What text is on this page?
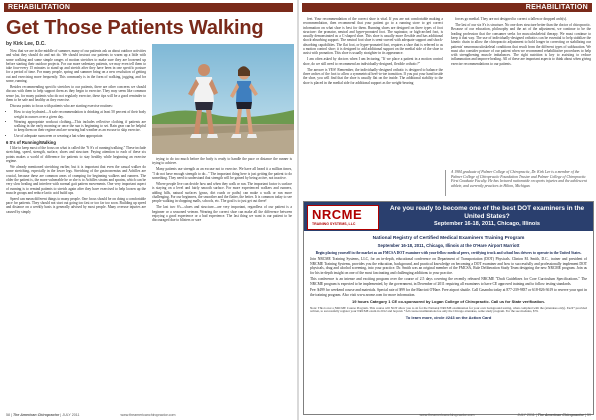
REHABILITATION
Get Those Patients Walking
by Kirk Lee, D.C.

Now that we are in the middle of summer, many of our patients ask us about outdoor activities and what they should do and not do. We should instruct our patients to warm up a little with some walking and some simple ranges of motion stretches to make sure they are loosened up before starting their outdoor projects. For our more sedentary patients, we may even tell them to take four-every 15 minutes to stand up and stretch after they have been in one specific posture for a period of time. For many people, spring and summer bring on a new resolution of getting out and exercising more frequently. This commonly is in the form of walking, jogging, and for some, running.

Besides recommending specific stretches to our patients, there are other concerns we should discuss with them to help support them as they begin to exercise. They may seem like common sense (as, for many patients who do not regularly exercise, these tips will be a good reminder to them to be safe and healthy as they exercise.

Discuss points to focus with patients who are starting exercise routines:

• How to stay hydrated—A safe recommendation is drinking at least 50 percent of their body weight in ounces over a given day.
• Wearing appropriate workout clothing—This includes reflective clothing if patients are walking in the early morning or once the sun is beginning to set. Rain gear can be helpful to keep them on their regime and are wearing bad weather as an excuse to skip exercise.
• Use of adequate sunscreen or wearing a hat when appropriate.
6 S's of Running/Walking

I like to keep most of the focus on what is called the "6 S's of running/walking." These include stretching, speed, strength, surface, shoes and structure. Paying attention to each of these six points makes a world of difference for patients to stay healthy while beginning an exercise regime.

We already mentioned stretching earlier, but it is important that even the casual walker do some stretching, especially in the lower legs. Stretching of the gastrocnemius and Achilles are crucial, because these are common areas of cramping for beginning walkers and runners. The older the patient is, the more vulnerable he or she is to Achilles strains and sprains, which can be very slow healing and interfere with normal gait pattern movements. One very important aspect of running is to remind patients to stretch again after they have exercised to help loosen up the muscle groups and reduce lactic acid build ups.

Speed can mean different things to many people. One focus should be on doing a comfortable pace for patients. They should not start out going too fast or too far too soon. Building up speed and distance on a weekly basis is generally advised by most people. Many overuse injuries are caused by simply

trying to do too much before the body is ready to handle the pace or distance the runner is trying to achieve.

Many patients use strength as an excuse not to exercise. We have all heard it a million times, "I do not have enough strength to do..." The important thing here is just getting the patient to do something. They need to understand that strength will be gained by being active, not inactive.

Where people live can decide how and when they walk or run. The important factor is surface is staying on a level and fairly smooth surface. For more experienced walkers and runners, adding hills, natural surfaces (grass, dirt roads or paths) can make a walk or run more challenging. For our beginners, the smoother and the flatter, the better. It is common today to see people walking in shopping malls, schools, etc. The goal is to just get out there!

The last two S's—shoes and structure—are very important, regardless of our patient is a beginner or a seasoned veteran. Wearing the correct shoe can make all the difference between enjoying a good experience or a bad experience. The last thing we want is our patient to be discouraged due to blisters or sore

58 | The American Chiropractor | JULY 2011	www.theamericanchiropractor.com
REHABILITATION

feet. Your recommendation of the correct shoe is vital. If you are not comfortable making a recommendation, then recommend that your patient go to a running store to get correct information on what shoe is best for them. Running shoes are designed on three types of foot structure: the pronator, neutral and hyper-pronated foot. The supinator, or high-arched foot, is usually demonstrated as a C-shaped shoe. This shoe is usually more flexible and has additional shock-absorbing support. The neutral foot shoe is semi-curved with adequate support and shock-absorbing capabilities. The flat foot, or hyper-pronated foot, requires a shoe that is referred to as a motion control shoe; it is designed to add additional support on the medial side of the shoe to assist with pronation. This shoe is usually straighter in its appearance.

I am often asked by doctors when I am lecturing, "If we place a patient in a motion control shoe, do we still need to recommend an individually-designed, flexible orthotic?"

The answer is YES! Remember, the individually-designed orthotic is designed to balance the three arches of the foot to allow a symmetrical heel-to-toe transition. If you put your hand inside the shoe, you will find that the shoe is usually flat on the inside. The additional stability to the shoe is placed in the medial side for additional support as the weight-bearing

forces go medial. They are not designed to correct a fallen or dropped arch(s).

The last of our six S's is structure. No one does structure better than the doctor of chiropractic. Because of our education, philosophy and the art of the adjustment, we continue to be the leading profession that the consumer seeks for musculoskeletal therapy. We must continue to keep it that way. The use of individually-designed orthotics can be essential to help stabilize the kinetic chain to allow the chiropractic adjustment to hold longer in correcting or stabilizing our patients' neuromusculoskeletal conditions that result from the different types of subluxation. We must also consider posture of our patient when we recommend rehabilitative procedures to help with strengthening muscle imbalances. The right nutrition is key to assisting to reduce inflammation and improve healing. All of these are important aspects to think about when giving exercise recommendations to our patients.

A 1984 graduate of Palmer College of Chiropractic, Dr. Kirk Lee is a member of the Palmer College of Chiropractic Foundation Trustee and Palmer College of Chiropractic First Graduate Faculty. He has lectured nationwide on sports injuries and the adolescent athlete, and currently practices in Hilton, Michigan.
NRCME
TRAINING SYSTEMS, LLC
Are you ready to become one of the best DOT examiners in the United States?
September 16-18, 2011, Chicago, Illinois

National Registry of Certified Medical Examiners Training Program

September 16-18, 2011, Chicago, Illinois at the O'Hare Airport Marriott

Begin placing yourself in the market as an FMCSA DOT examiner with your fellow medical peers, certifying truck and school bus drivers to operate in the United States.

Join NRCME Training Systems, LLC, for an in-depth, educational conference on Department of Transportation (DOT) Physicals. Clinton M. Smith, D.C., trainer and president of NRCME Training Systems, provides you the education, background, and practical knowledge on becoming a DOT examiner and how to successfully and professionally implement DOT physicals, drug and alcohol screening, into your practice. Dr. Smith was an original member of the FMCSA, Rule Deliberation Study Team designing the new NRCME program. Join us for his in-depth insight on one of the most fascinating and challenging additions to your practice.

This conference is an intense and exciting program over the course of 2.5 days covering the recently released NRCME "Draft Guidelines for Core Curriculum Specifications." The NRCME program is expected to be implemented, by the government, in December of 2011 requiring all examiners to have CE approved training and to follow testing standards.

Fee: $499 for weekend course and materials. Special rate of $99 for the Marriott O'Hare. Free airport shuttle. Call Casandra today at 877-239-9837 or 618-826-3619 to reserve your spot in the training program. Also visit www.nrcme.com for more information.

19 hours Category 1 CE co-sponsored by Logan College of Chiropractic. Call us for State verification.

Note: This is not a NRCME Course Program. This course will NOT allow you to sit for the National NRCME examination for your own background testing, when complied with the (attendees only). Each* provided written, to successfully register your NRCME exam in 2012 and beyond. *All course/examinations fee only the Chicago attendees, some study program. For the see modules, $79.

To learn more, circle #243 on the Action Card

www.theamericanchiropractor.com	JULY 2011 | The American Chiropractor | 59
